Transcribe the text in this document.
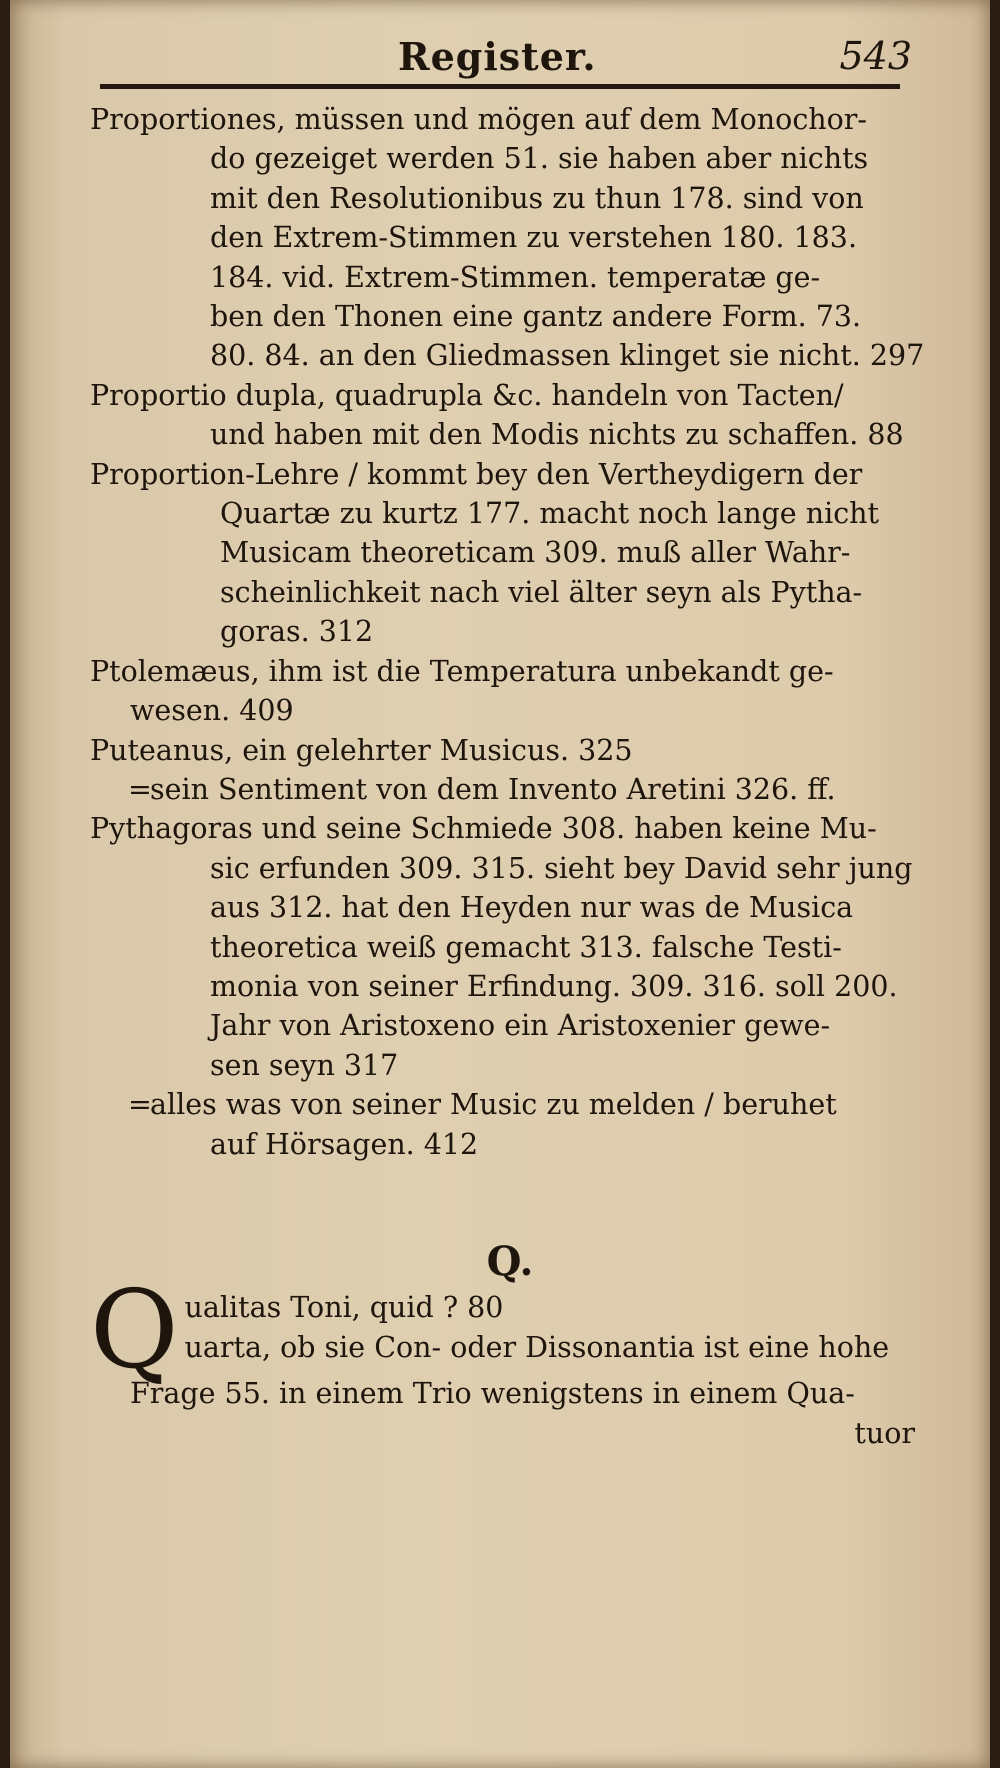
Register.	543
Proportiones, müssen und mögen auf dem Monochor-
do gezeiget werden 51. sie haben aber nichts
mit den Resolutionibus zu thun 178. sind von
den Extrem-Stimmen zu verstehen 180. 183.
184. vid. Extrem-Stimmen. temperatæ ge-
ben den Thonen eine gantz andere Form. 73.
80. 84. an den Gliedmassen klinget sie nicht. 297
Proportio dupla, quadrupla &c. handeln von Tacten/
und haben mit den Modis nichts zu schaffen. 88
Proportion-Lehre / kommt bey den Vertheydigern der
Quartæ zu kurtz 177. macht noch lange nicht
Musicam theoreticam 309. muß aller Wahr-
scheinlichkeit nach viel älter seyn als Pytha-
goras. 312
Ptolemæus, ihm ist die Temperatura unbekandt ge-
wesen. 409
Puteanus, ein gelehrter Musicus. 325
=sein Sentiment von dem Invento Aretini 326. ff.
Pythagoras und seine Schmiede 308. haben keine Mu-
sic erfunden 309. 315. sieht bey David sehr jung
aus 312. hat den Heyden nur was de Musica
theoretica weiß gemacht 313. falsche Testi-
monia von seiner Erfindung. 309. 316. soll 200.
Jahr von Aristoxeno ein Aristoxenier gewe-
sen seyn 317
=alles was von seiner Music zu melden / beruhet
auf Hörsagen. 412
Q.
Q ualitas Toni, quid ? 80
uarta, ob sie Con- oder Dissonantia ist eine hohe
Frage 55. in einem Trio wenigstens in einem Qua-
tuor
